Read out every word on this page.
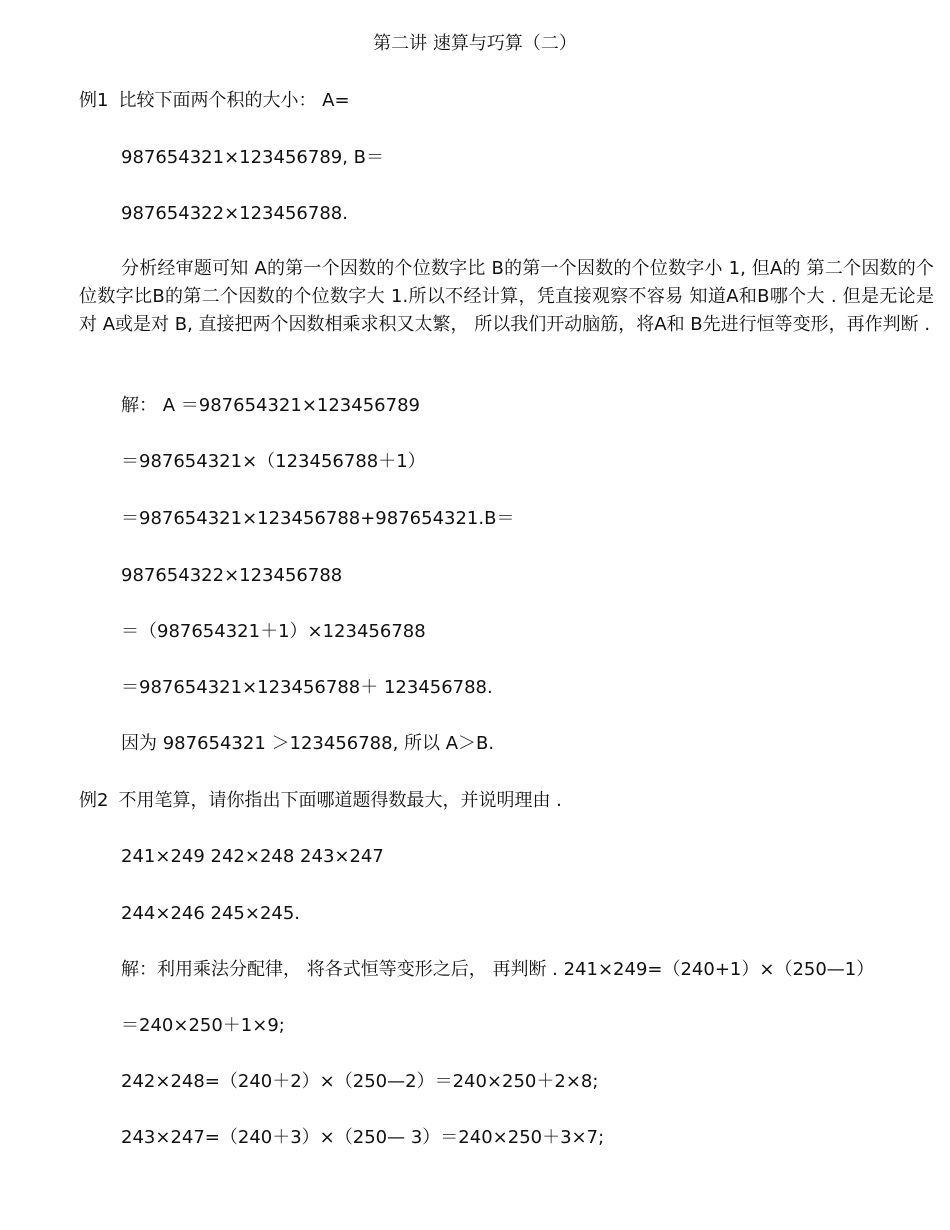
第二讲 速算与巧算（二）
例1 比较下面两个积的大小： A=
987654321×123456789, B＝
987654322×123456788.
分析经审题可知 A的第一个因数的个位数字比 B的第一个因数的个位数字小 1, 但A的 第二个因数的个位数字比B的第二个因数的个位数字大 1.所以不经计算，凭直接观察不容易 知道A和B哪个大 . 但是无论是对 A或是对 B, 直接把两个因数相乘求积又太繁， 所以我们开动脑筋，将A和 B先进行恒等变形，再作判断 .
解： A ＝987654321×123456789
＝987654321×（123456788＋1）
＝987654321×123456788+987654321.B＝
987654322×123456788
＝（987654321＋1）×123456788
＝987654321×123456788＋ 123456788.
因为 987654321 ＞123456788, 所以 A＞B.
例2 不用笔算，请你指出下面哪道题得数最大，并说明理由 .
241×249 242×248 243×247
244×246 245×245.
解：利用乘法分配律， 将各式恒等变形之后， 再判断 . 241×249=（240+1）×（250—1）
＝240×250＋1×9;
242×248=（240＋2）×（250—2）＝240×250＋2×8;
243×247=（240＋3）×（250— 3）＝240×250＋3×7;
